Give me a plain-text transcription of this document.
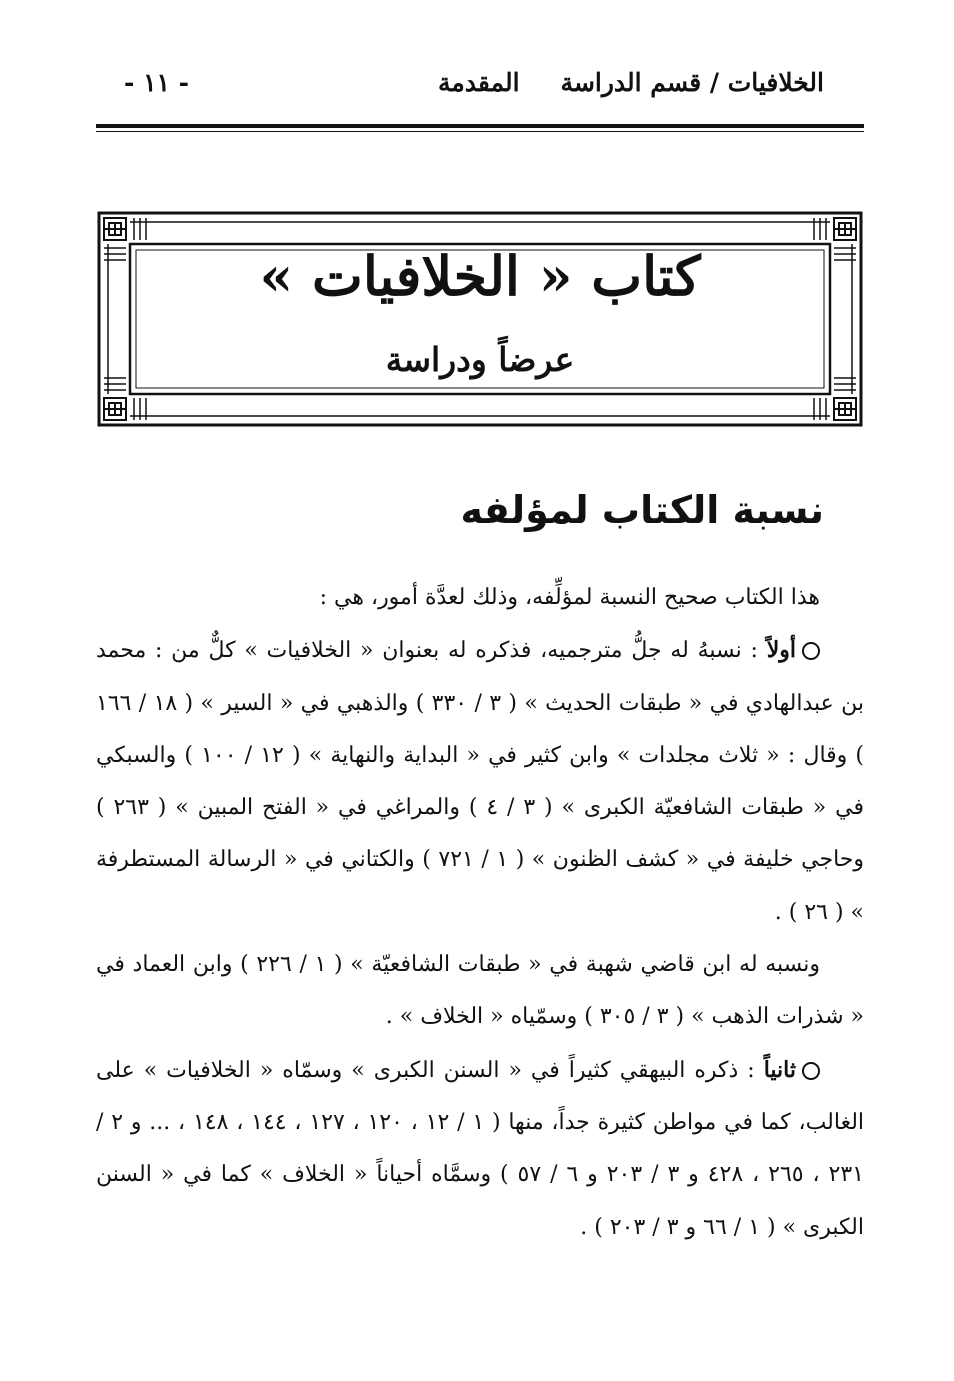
- ١١ -	المقدمة الخلافيات / قسم الدراسة
كتاب « الخلافيات »
عرضاً ودراسة
نسبة الكتاب لمؤلفه

هذا الكتاب صحيح النسبة لمؤلِّفه، وذلك لعدَّة أمور، هي :

أولاً : نسبهُ له جلُّ مترجميه، فذكره له بعنوان « الخلافيات » كلٌّ من : محمد بن عبدالهادي في « طبقات الحديث » ( ٣ / ٣٣٠ ) والذهبي في « السير » ( ١٨ / ١٦٦ ) وقال : « ثلاث مجلدات » وابن كثير في « البداية والنهاية » ( ١٢ / ١٠٠ ) والسبكي في « طبقات الشافعيّة الكبرى » ( ٣ / ٤ ) والمراغي في « الفتح المبين » ( ٢٦٣ ) وحاجي خليفة في « كشف الظنون » ( ١ / ٧٢١ ) والكتاني في « الرسالة المستطرفة » ( ٢٦ ) .

ونسبه له ابن قاضي شهبة في « طبقات الشافعيّة » ( ١ / ٢٢٦ ) وابن العماد في « شذرات الذهب » ( ٣ / ٣٠٥ ) وسمّياه « الخلاف » .

ثانياً : ذكره البيهقي كثيراً في « السنن الكبرى » وسمّاه « الخلافيات » على الغالب، كما في مواطن كثيرة جداً، منها ( ١ / ١٢ ، ١٢٠ ، ١٢٧ ، ١٤٤ ، ١٤٨ ، ... و ٢ / ٢٣١ ، ٢٦٥ ، ٤٢٨ و ٣ / ٢٠٣ و ٦ / ٥٧ ) وسمَّاه أحياناً « الخلاف » كما في « السنن الكبرى » ( ١ / ٦٦ و ٣ / ٢٠٣ ) .
